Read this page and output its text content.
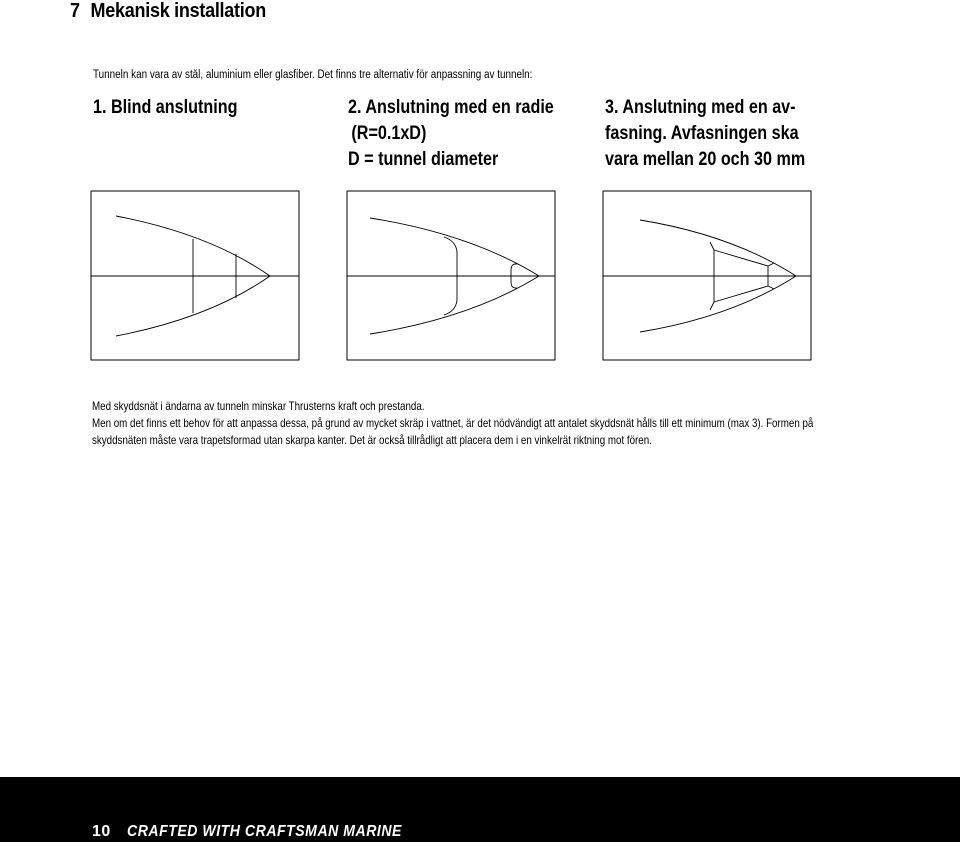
7 Mekanisk installation

Tunneln kan vara av stål, aluminium eller glasfiber. Det finns tre alternativ för anpassning av tunneln:

1. Blind anslutning	2. Anslutning med en radie
(R=0.1xD)
D = tunnel diameter
3. Anslutning med en av-
fasning. Avfasningen ska
vara mellan 20 och 30 mm

Med skyddsnät i ändarna av tunneln minskar Thrusterns kraft och prestanda.

Men om det finns ett behov för att anpassa dessa, på grund av mycket skräp i vattnet, är det nödvändigt att antalet skyddsnät hålls till ett minimum (max 3). Formen på skyddsnäten måste vara trapetsformad utan skarpa kanter. Det är också tillrådligt att placera dem i en vinkelrät riktning mot fören.

10 CRAFTED WITH CRAFTSMAN MARINE
